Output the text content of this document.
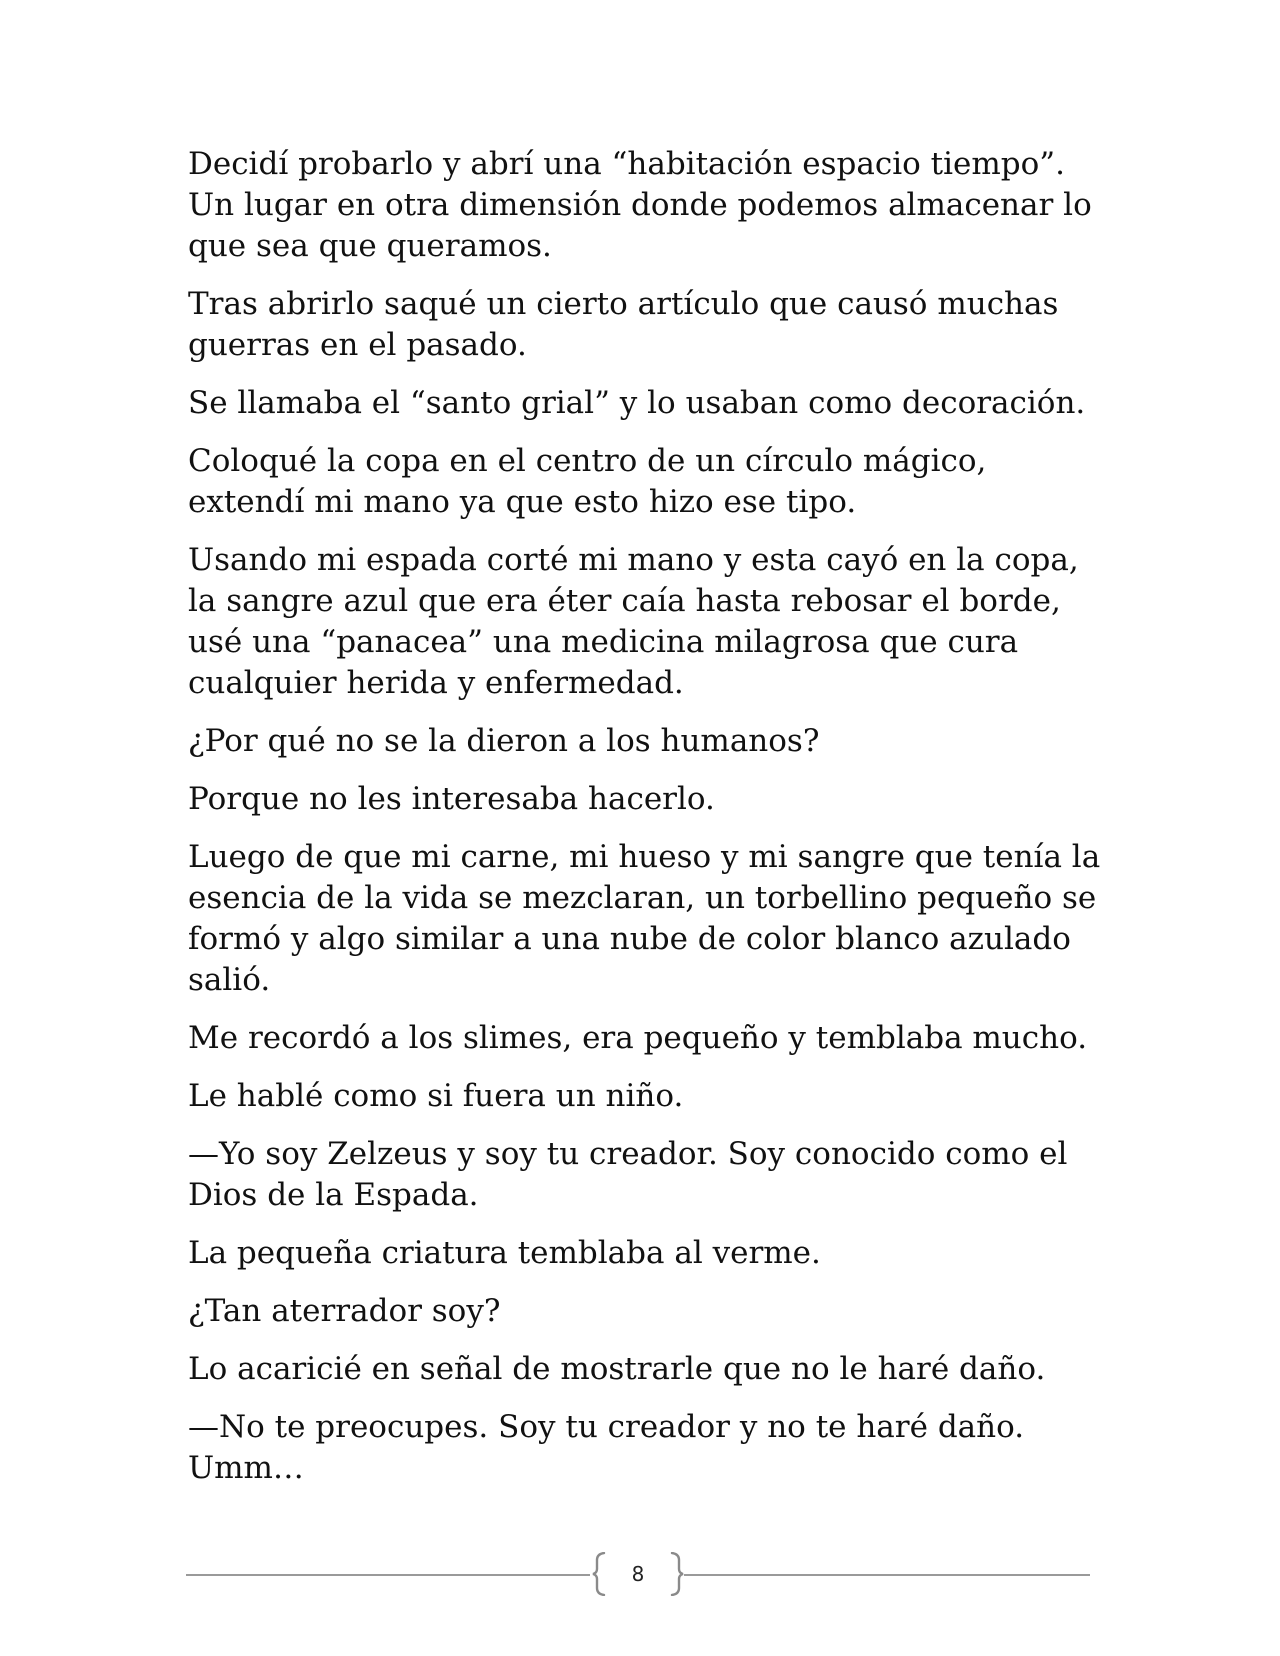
Decidí probarlo y abrí una “habitación espacio tiempo”. Un lugar en otra dimensión donde podemos almacenar lo que sea que queramos.

Tras abrirlo saqué un cierto artículo que causó muchas guerras en el pasado.

Se llamaba el “santo grial” y lo usaban como decoración.

Coloqué la copa en el centro de un círculo mágico, extendí mi mano ya que esto hizo ese tipo.

Usando mi espada corté mi mano y esta cayó en la copa, la sangre azul que era éter caía hasta rebosar el borde, usé una “panacea” una medicina milagrosa que cura cualquier herida y enfermedad.

¿Por qué no se la dieron a los humanos?

Porque no les interesaba hacerlo.

Luego de que mi carne, mi hueso y mi sangre que tenía la esencia de la vida se mezclaran, un torbellino pequeño se formó y algo similar a una nube de color blanco azulado salió.

Me recordó a los slimes, era pequeño y temblaba mucho.

Le hablé como si fuera un niño.

—Yo soy Zelzeus y soy tu creador. Soy conocido como el Dios de la Espada.

La pequeña criatura temblaba al verme.

¿Tan aterrador soy?

Lo acaricié en señal de mostrarle que no le haré daño.

—No te preocupes. Soy tu creador y no te haré daño. Umm…

8
